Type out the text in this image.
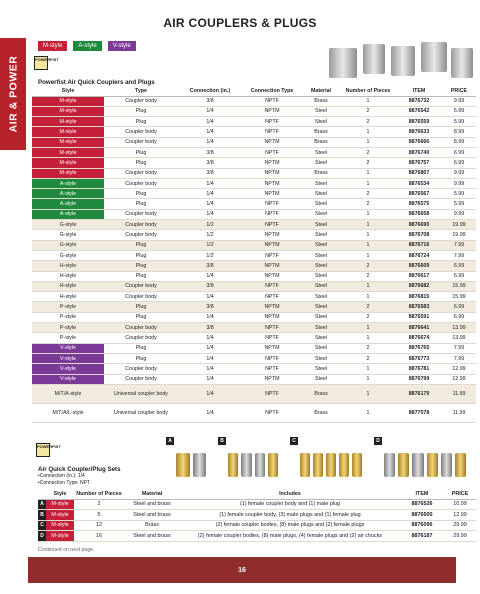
AIR & POWER
AIR COUPLERS & PLUGS
M-style	A-style	V-style
POWERFIST
Powerfist Air Quick Couplers and Plugs
Style	Type	Connection (in.)	Connection Type	Material	Number of Pieces	ITEM	PRICE
M-style	Coupler body	3/8	NPTF	Brass	1	8876732	9.99
M-style	Plug	1/4	NPTM	Steel	2	8876542	5.99
M-style	Plug	1/4	NPTF	Steel	2	8876559	5.99
M-style	Coupler body	1/4	NPTF	Brass	1	8876633	8.99
M-style	Coupler body	1/4	NPTM	Brass	1	8876666	8.99
M-style	Plug	3/8	NPTF	Steel	2	8876740	6.99
M-style	Plug	3/8	NPTM	Steel	2	8876757	6.99
M-style	Coupler body	3/8	NPTM	Brass	1	8876807	9.99
A-style	Coupler body	1/4	NPTM	Steel	1	8876534	9.99
A-style	Plug	1/4	NPTM	Steel	2	8876567	5.99
A-style	Plug	1/4	NPTF	Steel	2	8876575	5.99
A-style	Coupler body	1/4	NPTF	Steel	1	8876658	9.99
G-style	Coupler body	1/2	NPTF	Steel	1	8876690	19.99
G-style	Coupler body	1/2	NPTM	Steel	1	8876708	19.99
G-style	Plug	1/2	NPTM	Steel	1	8876716	7.99
G-style	Plug	1/2	NPTF	Steel	1	8876724	7.99
H-style	Plug	3/8	NPTM	Steel	2	8876609	6.99
H-style	Plug	1/4	NPTM	Steel	2	8876617	6.99
H-style	Coupler body	3/8	NPTF	Steel	1	8876682	15.99
H-style	Coupler body	1/4	NPTF	Steel	1	8876815	15.99
P-style	Plug	3/8	NPTM	Steel	2	8876583	6.99
P-style	Plug	1/4	NPTM	Steel	2	8876591	6.99
P-style	Coupler body	3/8	NPTF	Steel	1	8876641	13.99
P-style	Coupler body	1/4	NPTF	Steel	1	8876674	13.99
V-style	Plug	1/4	NPTM	Steel	2	8876765	7.99
V-style	Plug	1/4	NPTF	Steel	2	8876773	7.99
V-style	Coupler body	1/4	NPTF	Steel	1	8876781	12.99
V-style	Coupler body	1/4	NPTM	Steel	1	8876799	12.99
M/T/A-style	Universal coupler body	1/4	NPTF	Brass	1	8876179	11.99
M/T/A/L-style	Universal coupler body	1/4	NPTF	Brass	1	8877078	11.99
POWERFIST
Air Quick Coupler/Plug Sets
•Connection (in.): 1/4
•Connection Type: NPT
A	B	C	D
	Style	Number of Pieces	Material	Includes	ITEM	PRICE
A	M-style	2	Steel and brass	(1) female coupler body and (1) male plug	8876526	10.99
B	M-style	5	Steel and brass	(1) female coupler body, (3) male plugs and (1) female plug	8876500	12.99
C	M-style	12	Brass	(2) female coupler bodies, (8) male plugs and (2) female plugs	8876096	29.99
D	M-style	16	Steel and brass	(2) female coupler bodies, (8) male plugs, (4) female plugs and (2) air chucks	8876187	29.99
Continued on next page.
16
